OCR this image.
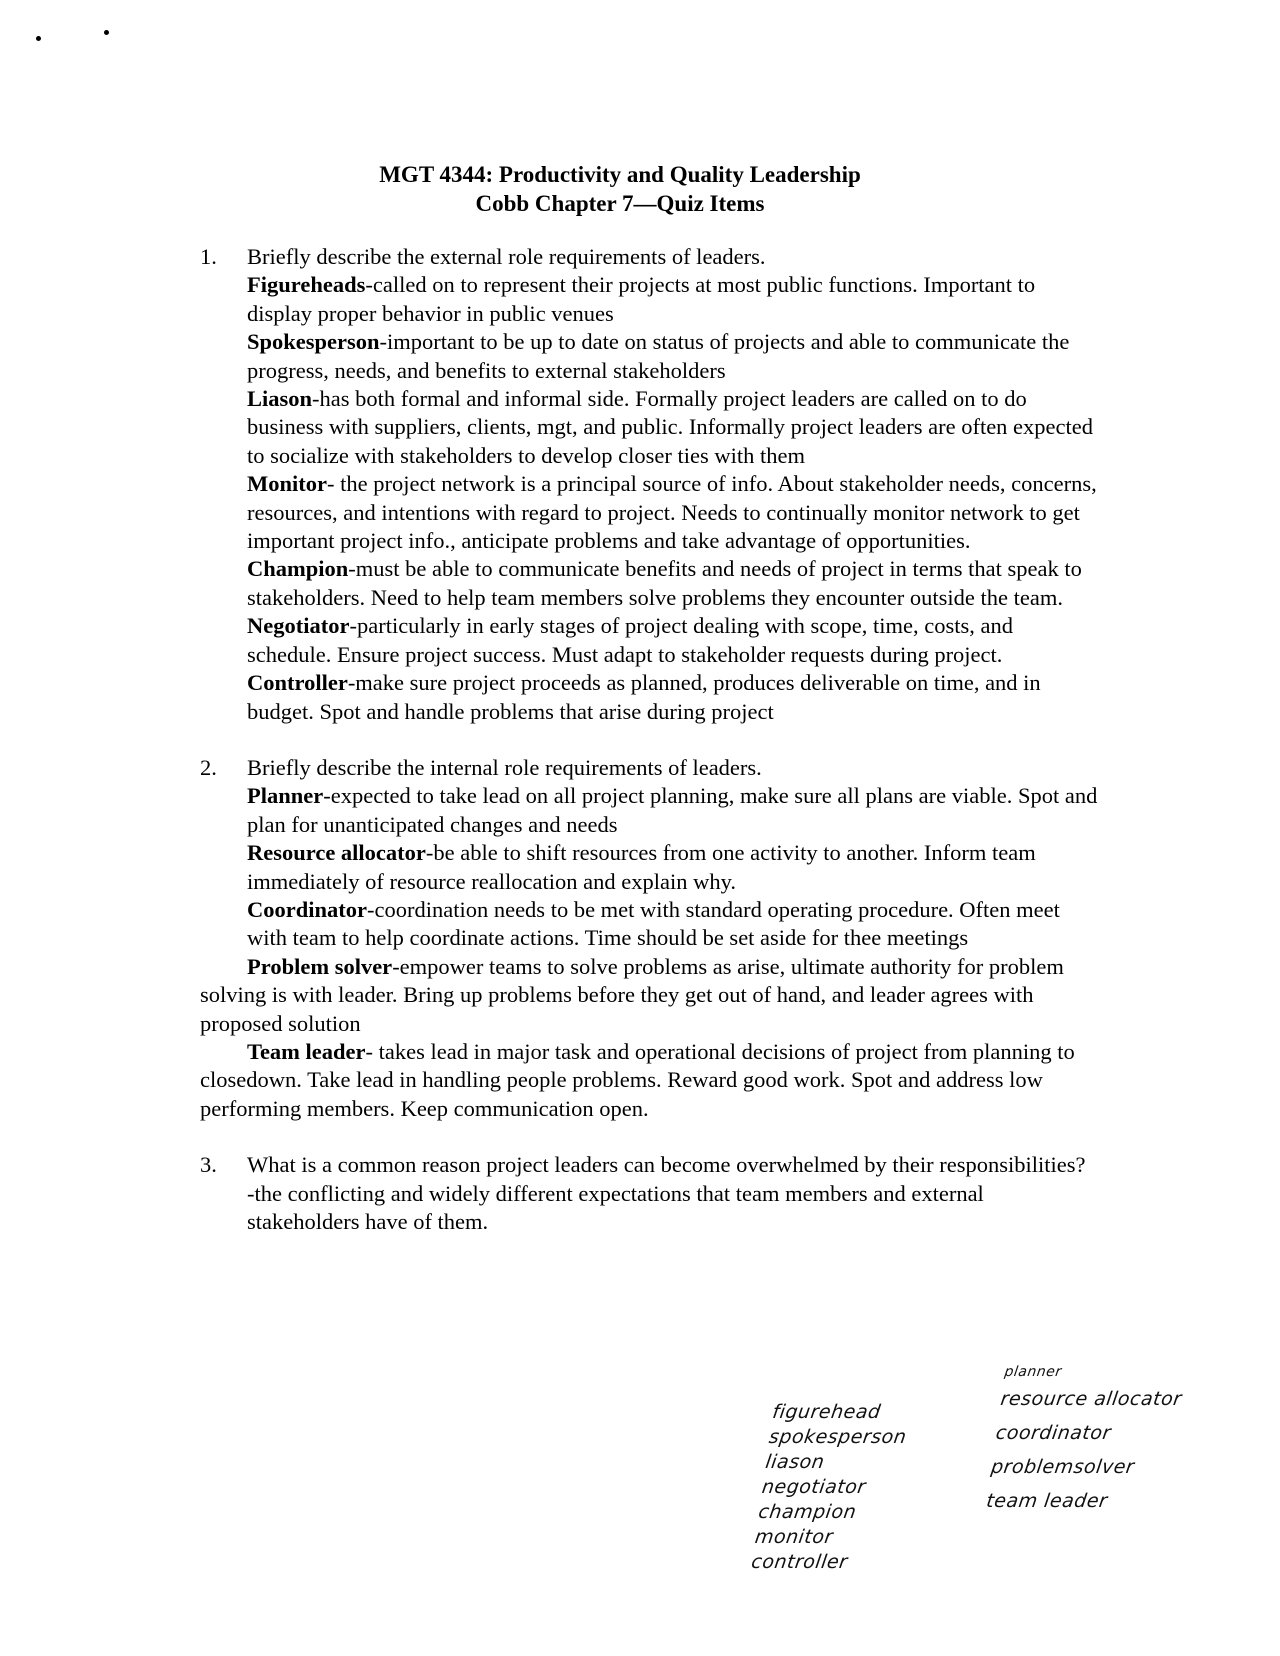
MGT 4344: Productivity and Quality Leadership
Cobb Chapter 7—Quiz Items
1. Briefly describe the external role requirements of leaders.
Figureheads-called on to represent their projects at most public functions. Important to display proper behavior in public venues
Spokesperson-important to be up to date on status of projects and able to communicate the progress, needs, and benefits to external stakeholders
Liason-has both formal and informal side. Formally project leaders are called on to do business with suppliers, clients, mgt, and public. Informally project leaders are often expected to socialize with stakeholders to develop closer ties with them
Monitor- the project network is a principal source of info. About stakeholder needs, concerns, resources, and intentions with regard to project. Needs to continually monitor network to get important project info., anticipate problems and take advantage of opportunities.
Champion-must be able to communicate benefits and needs of project in terms that speak to stakeholders. Need to help team members solve problems they encounter outside the team.
Negotiator-particularly in early stages of project dealing with scope, time, costs, and schedule. Ensure project success. Must adapt to stakeholder requests during project.
Controller-make sure project proceeds as planned, produces deliverable on time, and in budget. Spot and handle problems that arise during project
2. Briefly describe the internal role requirements of leaders.
Planner-expected to take lead on all project planning, make sure all plans are viable. Spot and plan for unanticipated changes and needs
Resource allocator-be able to shift resources from one activity to another. Inform team immediately of resource reallocation and explain why.
Coordinator-coordination needs to be met with standard operating procedure. Often meet with team to help coordinate actions. Time should be set aside for thee meetings
Problem solver-empower teams to solve problems as arise, ultimate authority for problem solving is with leader. Bring up problems before they get out of hand, and leader agrees with proposed solution
Team leader- takes lead in major task and operational decisions of project from planning to closedown. Take lead in handling people problems. Reward good work. Spot and address low performing members. Keep communication open.
3. What is a common reason project leaders can become overwhelmed by their responsibilities?
-the conflicting and widely different expectations that team members and external stakeholders have of them.
figurehead
spokesperson
liason
negotiator
champion
monitor
controller
planner
resource allocator
coordinator
problemsolver
team leader
